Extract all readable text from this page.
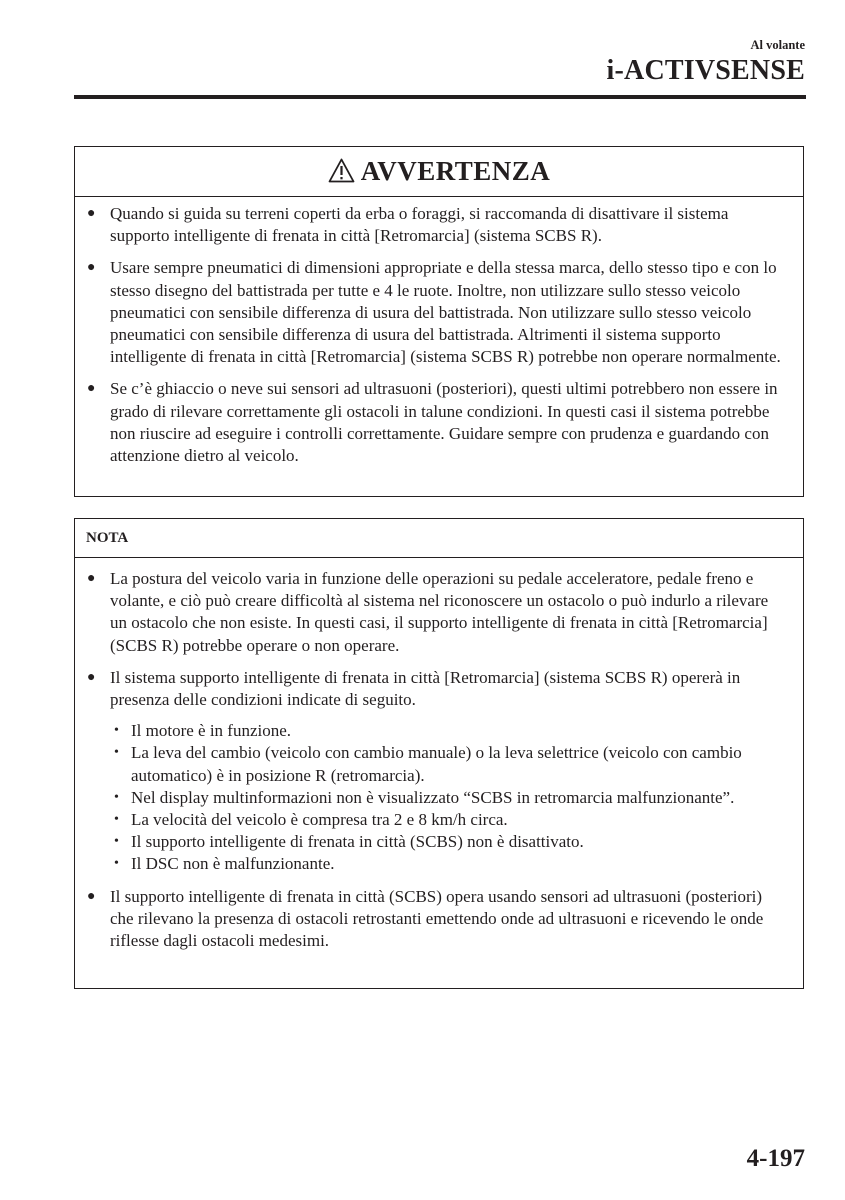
Al volante
i-ACTIVSENSE
AVVERTENZA
● Quando si guida su terreni coperti da erba o foraggi, si raccomanda di disattivare il sistema supporto intelligente di frenata in città [Retromarcia] (sistema SCBS R).
● Usare sempre pneumatici di dimensioni appropriate e della stessa marca, dello stesso tipo e con lo stesso disegno del battistrada per tutte e 4 le ruote. Inoltre, non utilizzare sullo stesso veicolo pneumatici con sensibile differenza di usura del battistrada. Non utilizzare sullo stesso veicolo pneumatici con sensibile differenza di usura del battistrada. Altrimenti il sistema supporto intelligente di frenata in città [Retromarcia] (sistema SCBS R) potrebbe non operare normalmente.
● Se c’è ghiaccio o neve sui sensori ad ultrasuoni (posteriori), questi ultimi potrebbero non essere in grado di rilevare correttamente gli ostacoli in talune condizioni. In questi casi il sistema potrebbe non riuscire ad eseguire i controlli correttamente. Guidare sempre con prudenza e guardando con attenzione dietro al veicolo.
NOTA
● La postura del veicolo varia in funzione delle operazioni su pedale acceleratore, pedale freno e volante, e ciò può creare difficoltà al sistema nel riconoscere un ostacolo o può indurlo a rilevare un ostacolo che non esiste. In questi casi, il supporto intelligente di frenata in città [Retromarcia] (SCBS R) potrebbe operare o non operare.
● Il sistema supporto intelligente di frenata in città [Retromarcia] (sistema SCBS R) opererà in presenza delle condizioni indicate di seguito.
• Il motore è in funzione.
• La leva del cambio (veicolo con cambio manuale) o la leva selettrice (veicolo con cambio automatico) è in posizione R (retromarcia).
• Nel display multinformazioni non è visualizzato “SCBS in retromarcia malfunzionante”.
• La velocità del veicolo è compresa tra 2 e 8 km/h circa.
• Il supporto intelligente di frenata in città (SCBS) non è disattivato.
• Il DSC non è malfunzionante.
● Il supporto intelligente di frenata in città (SCBS) opera usando sensori ad ultrasuoni (posteriori) che rilevano la presenza di ostacoli retrostanti emettendo onde ad ultrasuoni e ricevendo le onde riflesse dagli ostacoli medesimi.
4-197
